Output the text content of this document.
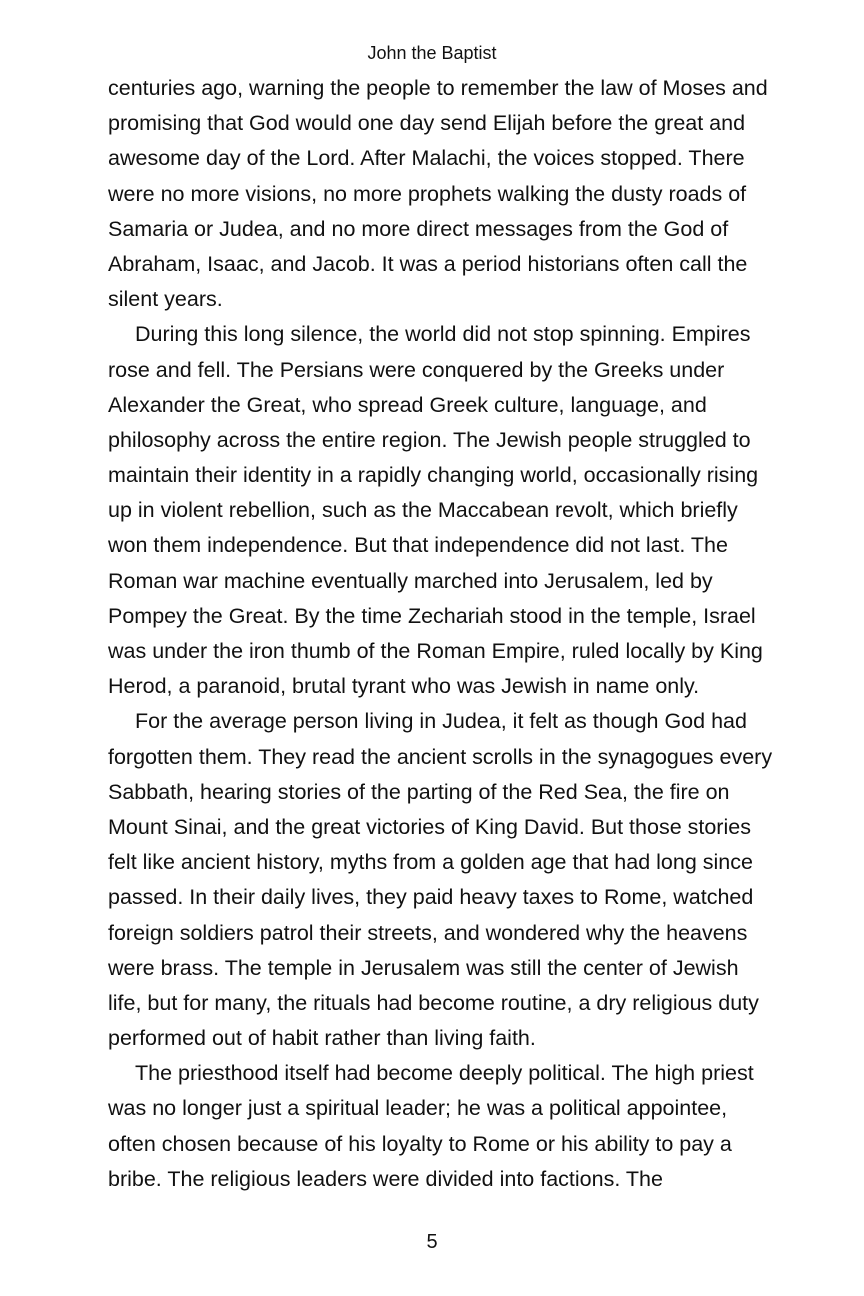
John the Baptist

centuries ago, warning the people to remember the law of Moses and
promising that God would one day send Elijah before the great and
awesome day of the Lord. After Malachi, the voices stopped. There
were no more visions, no more prophets walking the dusty roads of
Samaria or Judea, and no more direct messages from the God of
Abraham, Isaac, and Jacob. It was a period historians often call the
silent years.

During this long silence, the world did not stop spinning. Empires
rose and fell. The Persians were conquered by the Greeks under
Alexander the Great, who spread Greek culture, language, and
philosophy across the entire region. The Jewish people struggled to
maintain their identity in a rapidly changing world, occasionally rising
up in violent rebellion, such as the Maccabean revolt, which briefly
won them independence. But that independence did not last. The
Roman war machine eventually marched into Jerusalem, led by
Pompey the Great. By the time Zechariah stood in the temple, Israel
was under the iron thumb of the Roman Empire, ruled locally by King
Herod, a paranoid, brutal tyrant who was Jewish in name only.

For the average person living in Judea, it felt as though God had
forgotten them. They read the ancient scrolls in the synagogues every
Sabbath, hearing stories of the parting of the Red Sea, the fire on
Mount Sinai, and the great victories of King David. But those stories
felt like ancient history, myths from a golden age that had long since
passed. In their daily lives, they paid heavy taxes to Rome, watched
foreign soldiers patrol their streets, and wondered why the heavens
were brass. The temple in Jerusalem was still the center of Jewish
life, but for many, the rituals had become routine, a dry religious duty
performed out of habit rather than living faith.

The priesthood itself had become deeply political. The high priest
was no longer just a spiritual leader; he was a political appointee,
often chosen because of his loyalty to Rome or his ability to pay a
bribe. The religious leaders were divided into factions. The

5
